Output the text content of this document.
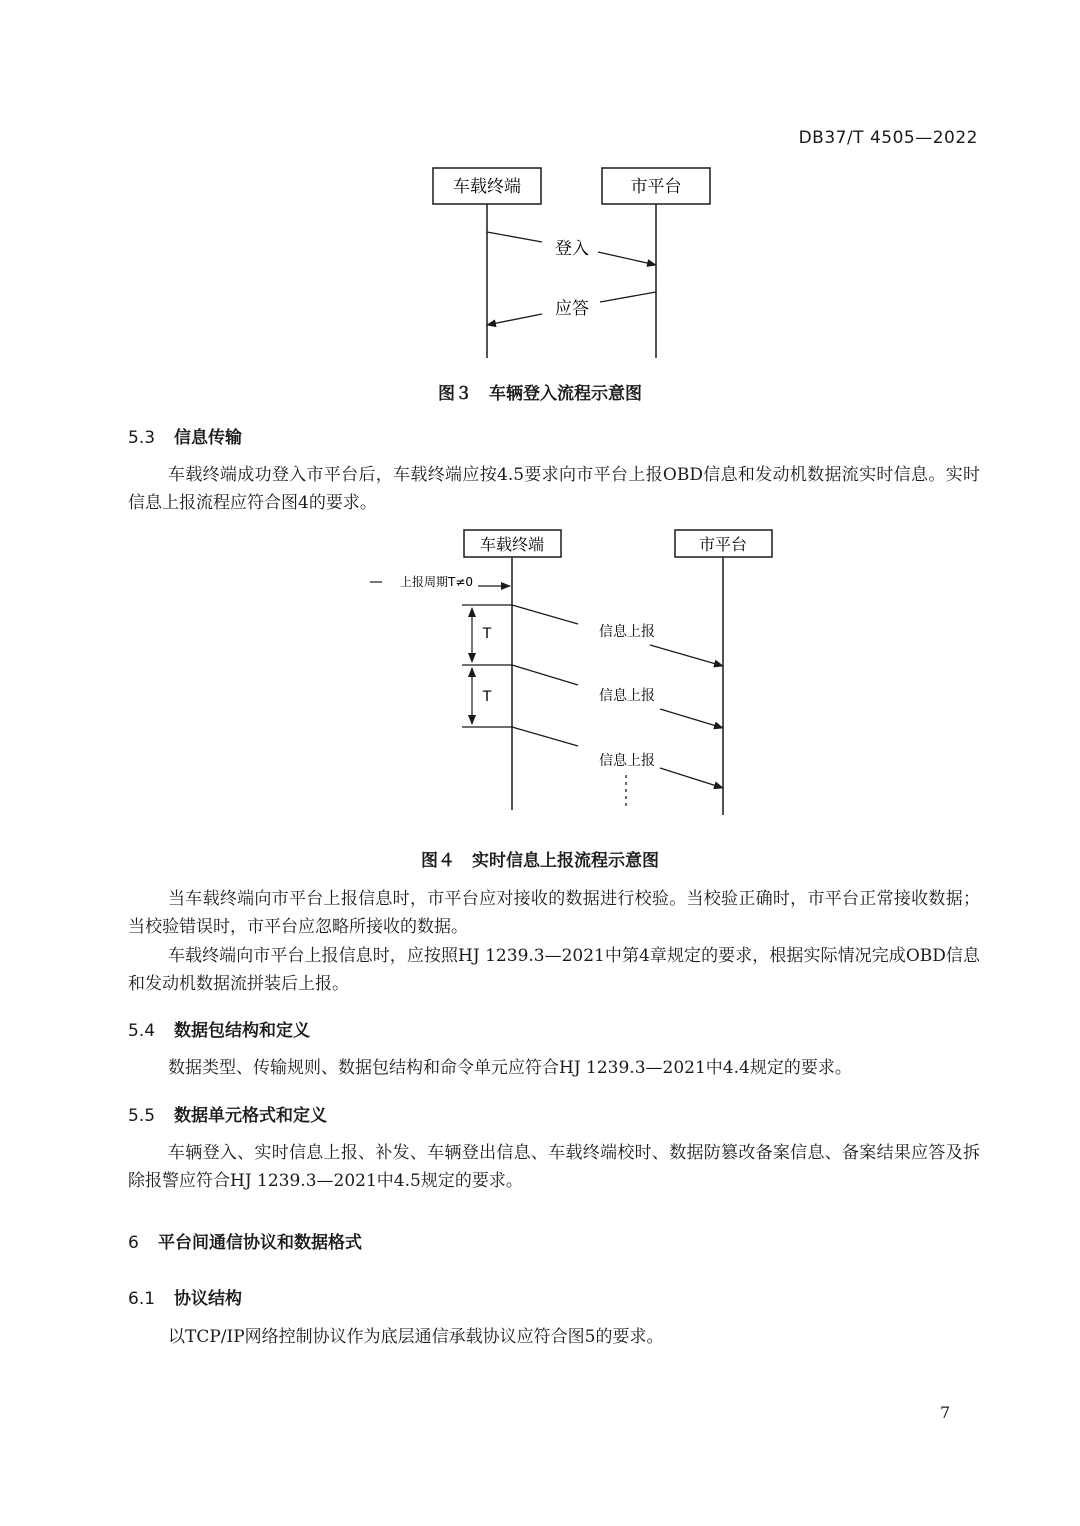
DB37/T 4505—2022
车载终端	市平台
登入
应答
图３　车辆登入流程示意图
5.3 信息传输
车载终端成功登入市平台后，车载终端应按4.5要求向市平台上报OBD信息和发动机数据流实时信息。实时信息上报流程应符合图4的要求。
车载终端	市平台
上报周期T≠0
T
T
信息上报
信息上报
信息上报
图４　实时信息上报流程示意图
当车载终端向市平台上报信息时，市平台应对接收的数据进行校验。当校验正确时，市平台正常接收数据；当校验错误时，市平台应忽略所接收的数据。
车载终端向市平台上报信息时，应按照HJ 1239.3—2021中第4章规定的要求，根据实际情况完成OBD信息和发动机数据流拼装后上报。
5.4 数据包结构和定义
数据类型、传输规则、数据包结构和命令单元应符合HJ 1239.3—2021中4.4规定的要求。
5.5 数据单元格式和定义
车辆登入、实时信息上报、补发、车辆登出信息、车载终端校时、数据防篡改备案信息、备案结果应答及拆除报警应符合HJ 1239.3—2021中4.5规定的要求。
6 平台间通信协议和数据格式
6.1 协议结构
以TCP/IP网络控制协议作为底层通信承载协议应符合图5的要求。
7
